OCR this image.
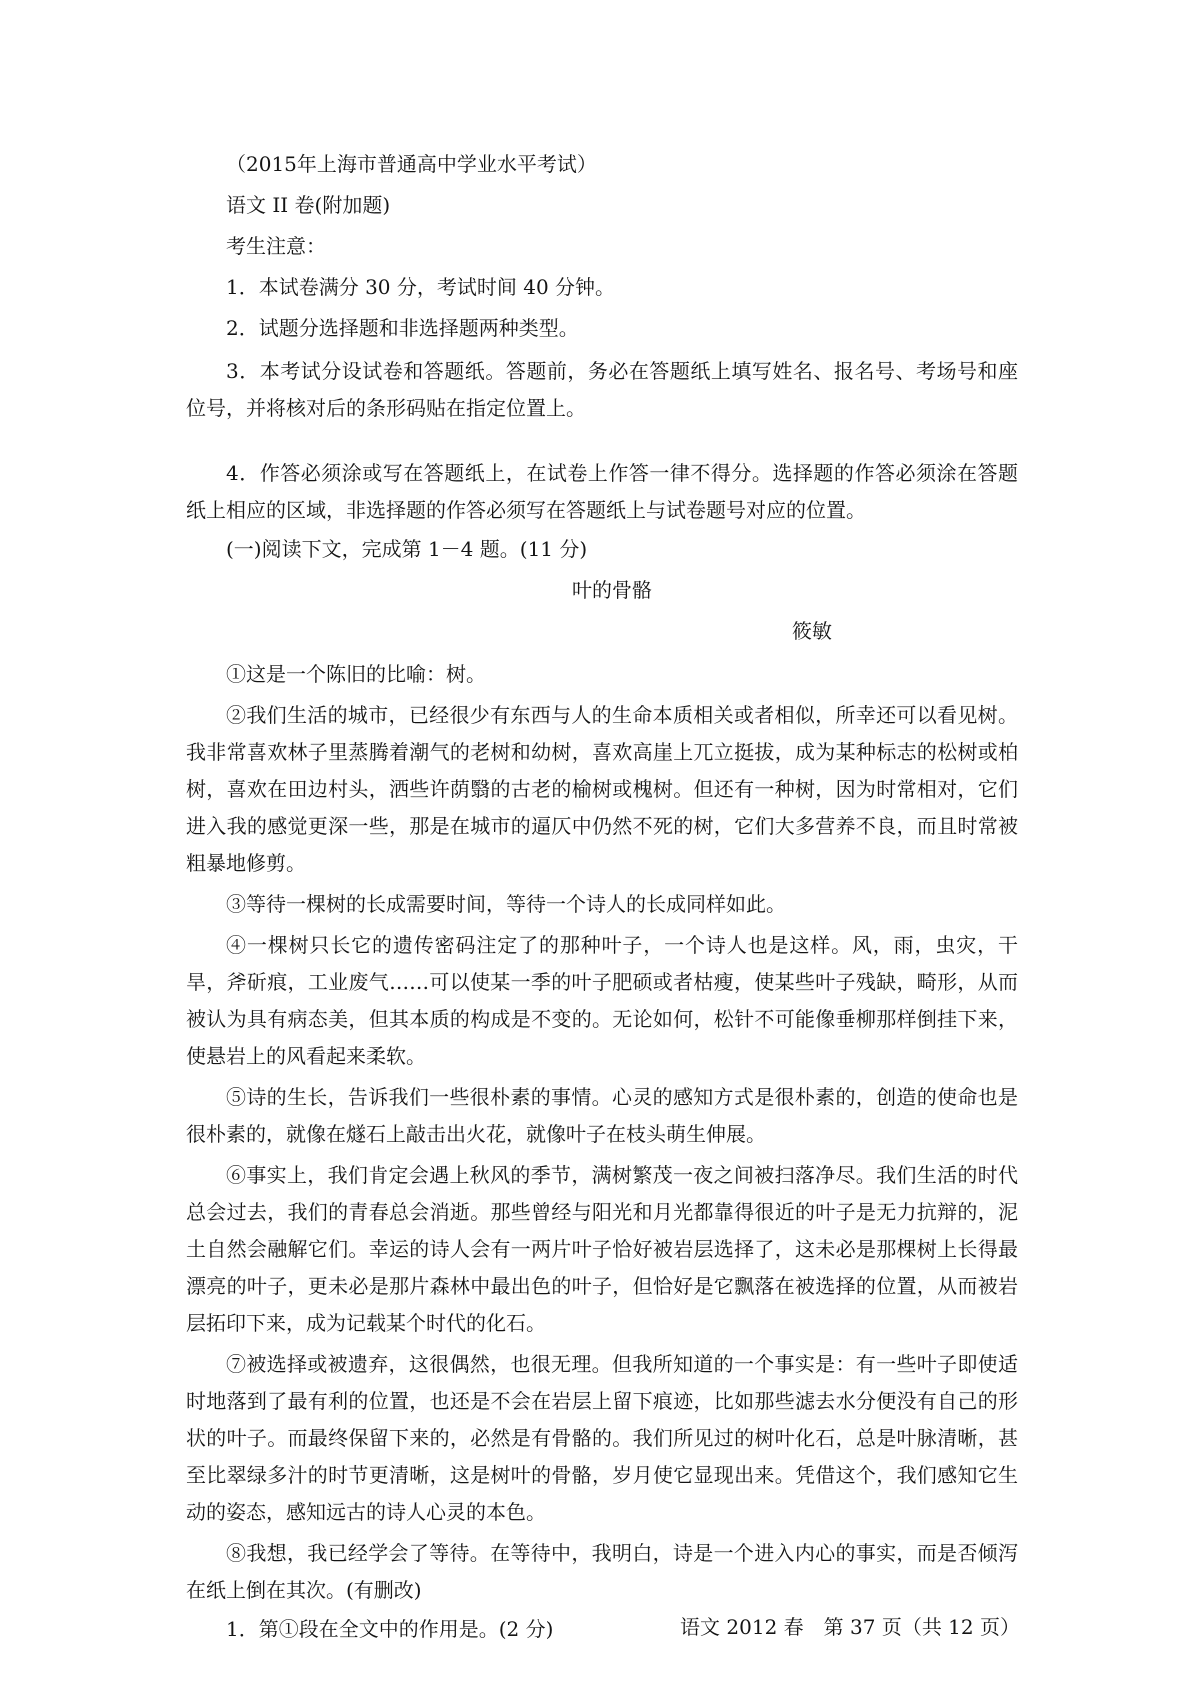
（2015年上海市普通高中学业水平考试）

语文 II 卷(附加题)

考生注意：

1．本试卷满分 30 分，考试时间 40 分钟。

2．试题分选择题和非选择题两种类型。

3．本考试分设试卷和答题纸。答题前，务必在答题纸上填写姓名、报名号、考场号和座位号，并将核对后的条形码贴在指定位置上。

4．作答必须涂或写在答题纸上，在试卷上作答一律不得分。选择题的作答必须涂在答题纸上相应的区域，非选择题的作答必须写在答题纸上与试卷题号对应的位置。

(一)阅读下文，完成第 1－4 题。(11 分)

叶的骨骼

筱敏

①这是一个陈旧的比喻：树。

②我们生活的城市，已经很少有东西与人的生命本质相关或者相似，所幸还可以看见树。我非常喜欢林子里蒸腾着潮气的老树和幼树，喜欢高崖上兀立挺拔，成为某种标志的松树或柏树，喜欢在田边村头，洒些许荫翳的古老的榆树或槐树。但还有一种树，因为时常相对，它们进入我的感觉更深一些，那是在城市的逼仄中仍然不死的树，它们大多营养不良，而且时常被粗暴地修剪。

③等待一棵树的长成需要时间，等待一个诗人的长成同样如此。

④一棵树只长它的遗传密码注定了的那种叶子，一个诗人也是这样。风，雨，虫灾，干旱，斧斫痕，工业废气……可以使某一季的叶子肥硕或者枯瘦，使某些叶子残缺，畸形，从而被认为具有病态美，但其本质的构成是不变的。无论如何，松针不可能像垂柳那样倒挂下来，使悬岩上的风看起来柔软。

⑤诗的生长，告诉我们一些很朴素的事情。心灵的感知方式是很朴素的，创造的使命也是很朴素的，就像在燧石上敲击出火花，就像叶子在枝头萌生伸展。

⑥事实上，我们肯定会遇上秋风的季节，满树繁茂一夜之间被扫落净尽。我们生活的时代总会过去，我们的青春总会消逝。那些曾经与阳光和月光都靠得很近的叶子是无力抗辩的，泥土自然会融解它们。幸运的诗人会有一两片叶子恰好被岩层选择了，这未必是那棵树上长得最漂亮的叶子，更未必是那片森林中最出色的叶子，但恰好是它飘落在被选择的位置，从而被岩层拓印下来，成为记载某个时代的化石。

⑦被选择或被遗弃，这很偶然，也很无理。但我所知道的一个事实是：有一些叶子即使适时地落到了最有利的位置，也还是不会在岩层上留下痕迹，比如那些滤去水分便没有自己的形状的叶子。而最终保留下来的，必然是有骨骼的。我们所见过的树叶化石，总是叶脉清晰，甚至比翠绿多汁的时节更清晰，这是树叶的骨骼，岁月使它显现出来。凭借这个，我们感知它生动的姿态，感知远古的诗人心灵的本色。

⑧我想，我已经学会了等待。在等待中，我明白，诗是一个进入内心的事实，而是否倾泻在纸上倒在其次。(有删改)

1．第①段在全文中的作用是。(2 分)	语文 2012 春　第 37 页（共 12 页）
